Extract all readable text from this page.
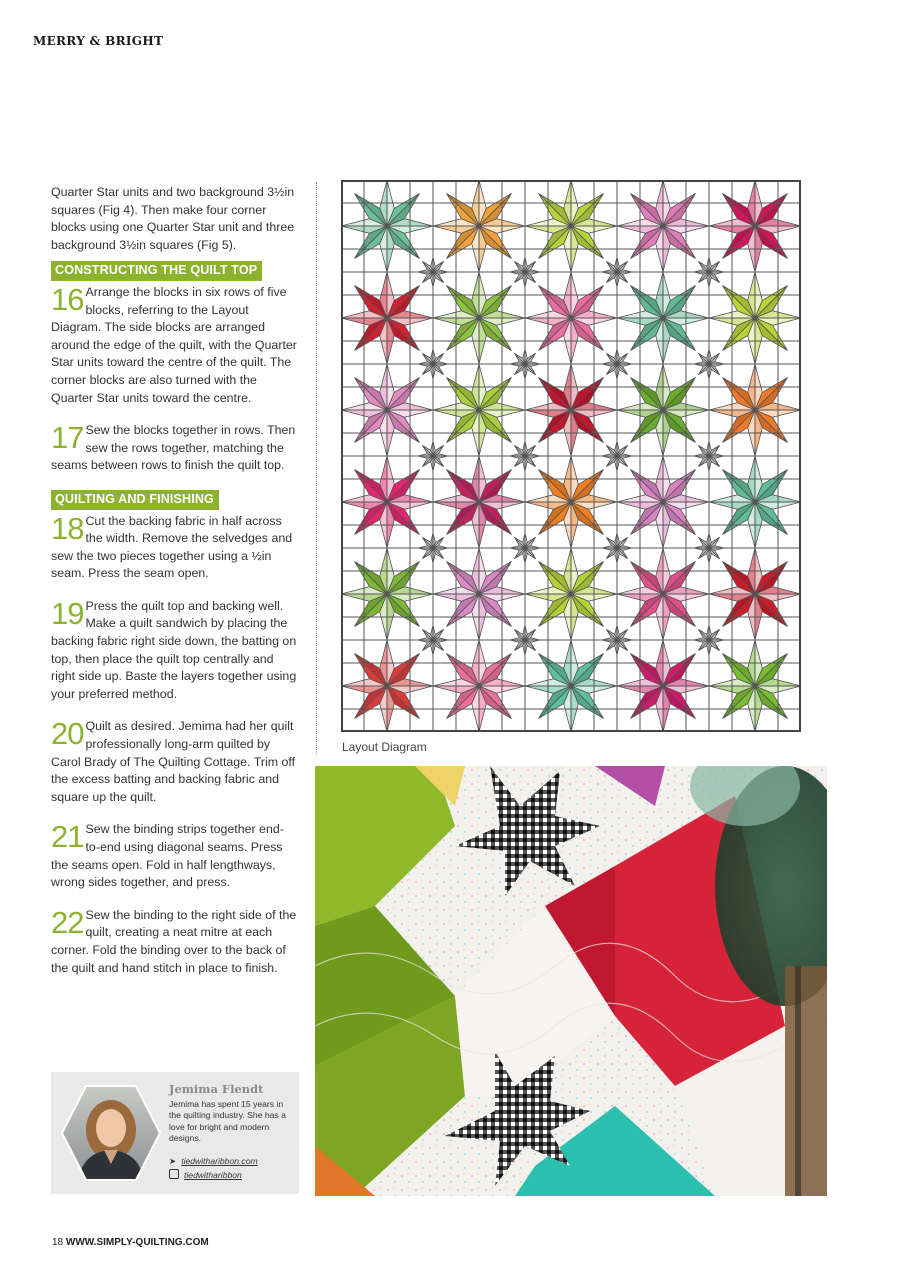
MERRY & BRIGHT

Quarter Star units and two background 3½in squares (Fig 4). Then make four corner blocks using one Quarter Star unit and three background 3½in squares (Fig 5).

CONSTRUCTING THE QUILT TOP

16 Arrange the blocks in six rows of five blocks, referring to the Layout Diagram. The side blocks are arranged around the edge of the quilt, with the Quarter Star units toward the centre of the quilt. The corner blocks are also turned with the Quarter Star units toward the centre.

17 Sew the blocks together in rows. Then sew the rows together, matching the seams between rows to finish the quilt top.

QUILTING AND FINISHING

18 Cut the backing fabric in half across the width. Remove the selvedges and sew the two pieces together using a ½in seam. Press the seam open.

19 Press the quilt top and backing well. Make a quilt sandwich by placing the backing fabric right side down, the batting on top, then place the quilt top centrally and right side up. Baste the layers together using your preferred method.

20 Quilt as desired. Jemima had her quilt professionally long-arm quilted by Carol Brady of The Quilting Cottage. Trim off the excess batting and backing fabric and square up the quilt.

21 Sew the binding strips together end-to-end using diagonal seams. Press the seams open. Fold in half lengthways, wrong sides together, and press.

22 Sew the binding to the right side of the quilt, creating a neat mitre at each corner. Fold the binding over to the back of the quilt and hand stitch in place to finish.

Layout Diagram
Jemima Flendt
Jemima has spent 15 years in the quilting industry. She has a love for bright and modern designs.
➤ tiedwitharibbon.com
tiedwitharibbon
18 WWW.SIMPLY-QUILTING.COM
